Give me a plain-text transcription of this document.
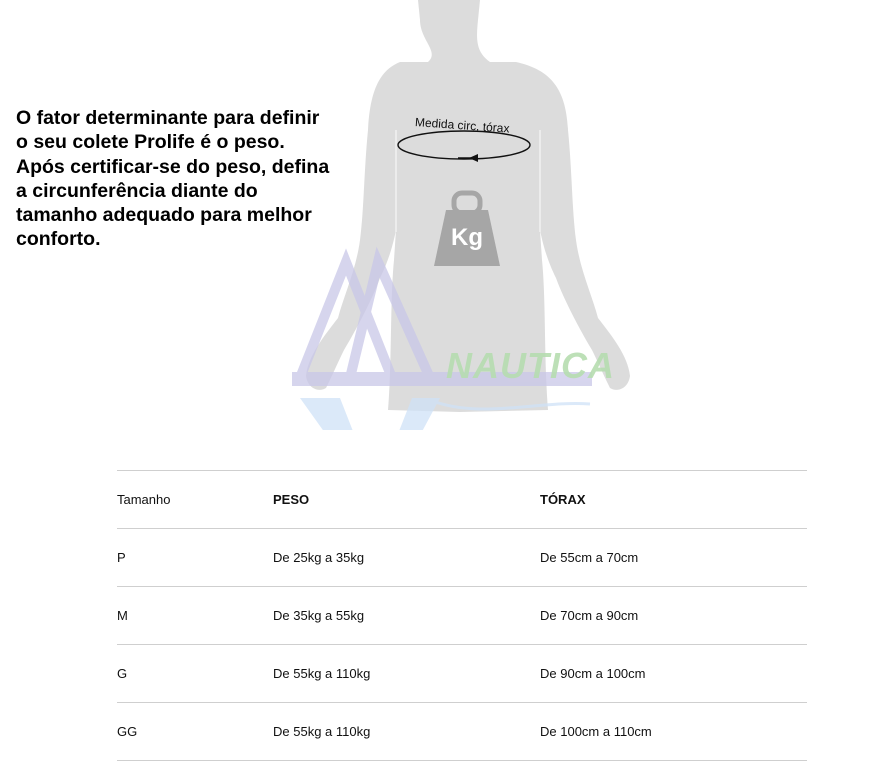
Kg
Medida circ. tórax
NAUTICA
O fator determinante para definir
o seu colete Prolife é o peso.
Após certificar-se do peso, defina
a circunferência diante do
tamanho adequado para melhor
conforto.
Tamanho	PESO	TÓRAX
P	De 25kg a 35kg	De 55cm a 70cm
M	De 35kg a 55kg	De 70cm a 90cm
G	De 55kg a 110kg	De 90cm a 100cm
GG	De 55kg a 110kg	De 100cm a 110cm
